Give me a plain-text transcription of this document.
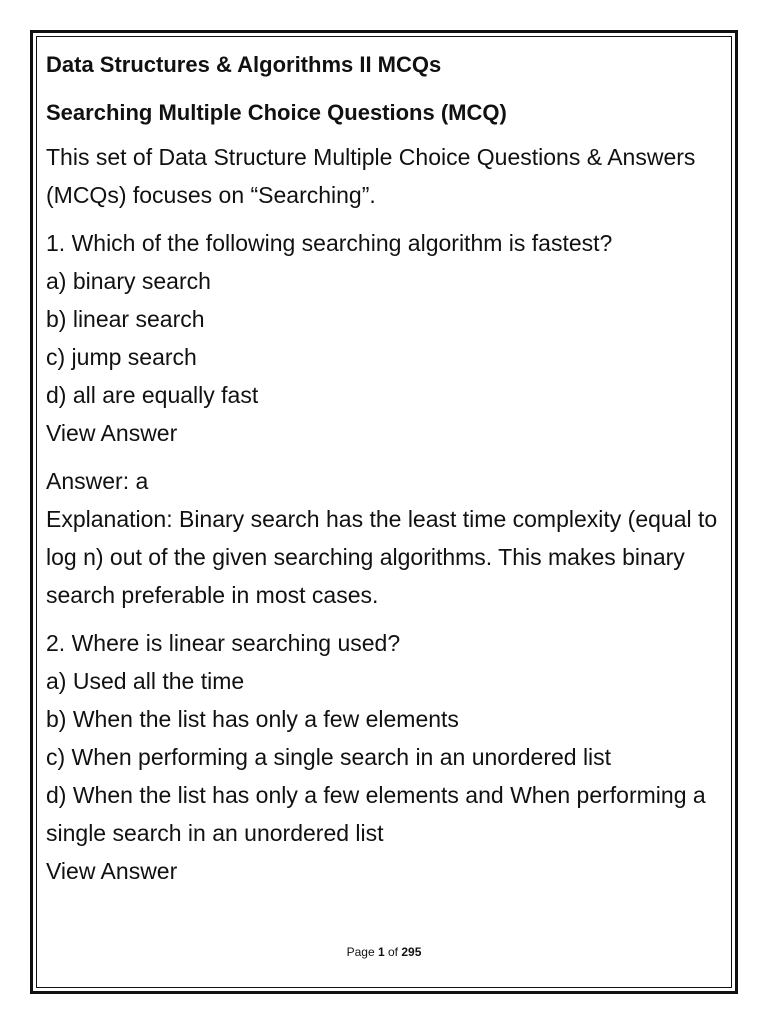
Data Structures & Algorithms II MCQs
Searching Multiple Choice Questions (MCQ)
This set of Data Structure Multiple Choice Questions & Answers (MCQs) focuses on “Searching”.
1. Which of the following searching algorithm is fastest?
a) binary search
b) linear search
c) jump search
d) all are equally fast
View Answer
Answer: a
Explanation: Binary search has the least time complexity (equal to log n) out of the given searching algorithms. This makes binary search preferable in most cases.
2. Where is linear searching used?
a) Used all the time
b) When the list has only a few elements
c) When performing a single search in an unordered list
d) When the list has only a few elements and When performing a single search in an unordered list
View Answer
Page 1 of 295
